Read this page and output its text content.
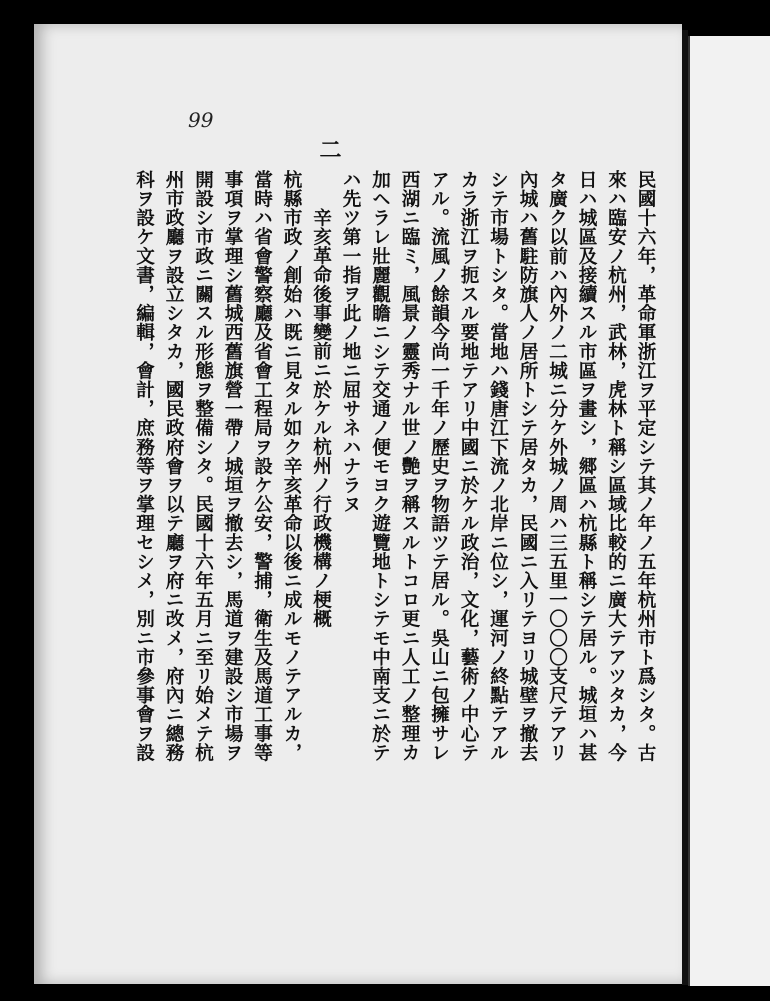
99
二
民國十六年，革命軍浙江ヲ平定シテ其ノ年ノ五年杭州市ト爲シタ。古
來ハ臨安ノ杭州，武林，虎林ト稱シ區域比較的ニ廣大テアツタカ，今
日ハ城區及接續スル市區ヲ畫シ，郷區ハ杭縣ト稱シテ居ル。城垣ハ甚
タ廣ク以前ハ內外ノ二城ニ分ケ外城ノ周ハ三五里一〇〇〇支尺テアリ
內城ハ舊駐防旗人ノ居所トシテ居タカ，民國ニ入リテヨリ城壁ヲ撤去
シテ市場トシタ。當地ハ錢唐江下流ノ北岸ニ位シ，運河ノ終點テアル
カラ浙江ヲ扼スル要地テアリ中國ニ於ケル政治，文化，藝術ノ中心テ
アル。流風ノ餘韻今尚一千年ノ歷史ヲ物語ツテ居ル。吳山ニ包擁サレ
西湖ニ臨ミ，風景ノ靈秀ナル世ノ艷ヲ稱スルトコロ更ニ人工ノ整理カ
加ヘラレ壯麗觀瞻ニシテ交通ノ便モヨク遊覽地トシテモ中南支ニ於テ
ハ先ツ第一指ヲ此ノ地ニ屈サネハナラヌ
辛亥革命後事變前ニ於ケル杭州ノ行政機構ノ梗概
杭縣市政ノ創始ハ既ニ見タル如ク辛亥革命以後ニ成ルモノテアルカ，
當時ハ省會警察廳及省會工程局ヲ設ケ公安，警捕，衛生及馬道工事等
事項ヲ掌理シ舊城西舊旗營一帶ノ城垣ヲ撤去シ，馬道ヲ建設シ市場ヲ
開設シ市政ニ關スル形態ヲ整備シタ。民國十六年五月ニ至リ始メテ杭
州市政廳ヲ設立シタカ，國民政府會ヲ以テ廳ヲ府ニ改メ，府內ニ總務
科ヲ設ケ文書，編輯，會計，庶務等ヲ掌理セシメ，別ニ市參事會ヲ設
